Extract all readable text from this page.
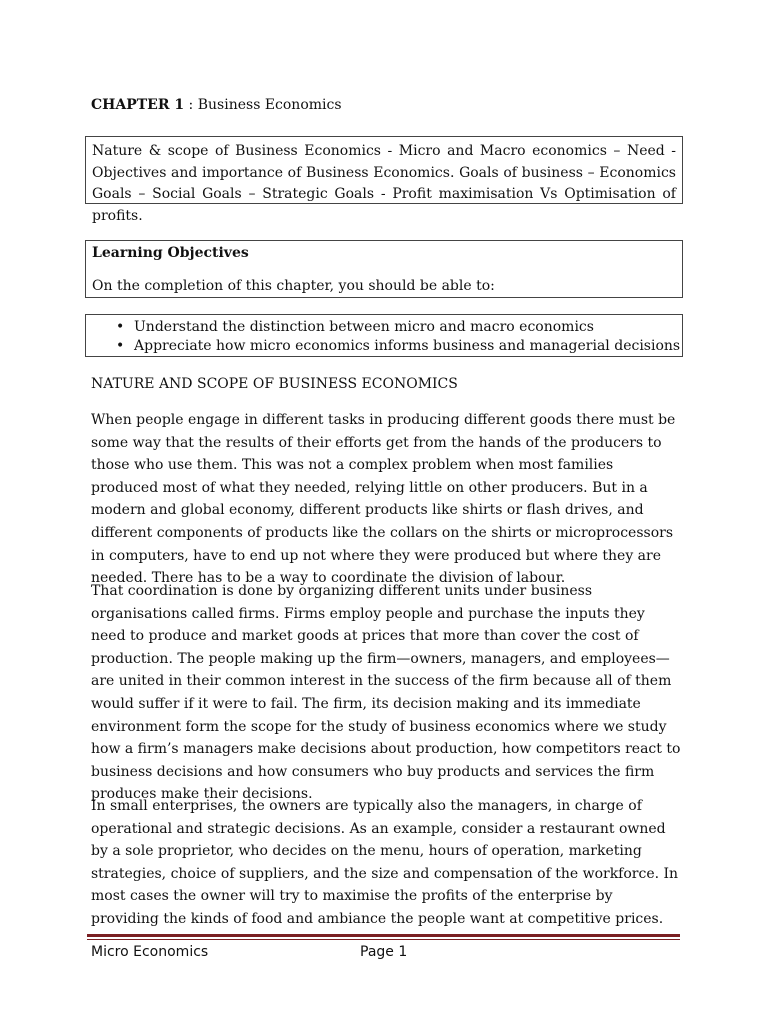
CHAPTER 1 : Business Economics
Nature & scope of Business Economics - Micro and Macro economics – Need - Objectives and importance of Business Economics. Goals of business – Economics Goals – Social Goals – Strategic Goals - Profit maximisation Vs Optimisation of profits.
Learning Objectives
On the completion of this chapter, you should be able to:
• Understand the distinction between micro and macro economics
• Appreciate how micro economics informs business and managerial decisions
NATURE AND SCOPE OF BUSINESS ECONOMICS

When people engage in different tasks in producing different goods there must be some way that the results of their efforts get from the hands of the producers to those who use them. This was not a complex problem when most families produced most of what they needed, relying little on other producers. But in a modern and global economy, different products like shirts or flash drives, and different components of products like the collars on the shirts or microprocessors in computers, have to end up not where they were produced but where they are needed. There has to be a way to coordinate the division of labour.

That coordination is done by organizing different units under business organisations called firms. Firms employ people and purchase the inputs they need to produce and market goods at prices that more than cover the cost of production. The people making up the firm—owners, managers, and employees—are united in their common interest in the success of the firm because all of them would suffer if it were to fail. The firm, its decision making and its immediate environment form the scope for the study of business economics where we study how a firm’s managers make decisions about production, how competitors react to business decisions and how consumers who buy products and services the firm produces make their decisions.

In small enterprises, the owners are typically also the managers, in charge of operational and strategic decisions. As an example, consider a restaurant owned by a sole proprietor, who decides on the menu, hours of operation, marketing strategies, choice of suppliers, and the size and compensation of the workforce. In most cases the owner will try to maximise the profits of the enterprise by providing the kinds of food and ambiance the people want at competitive prices.

Micro Economics	Page 1
